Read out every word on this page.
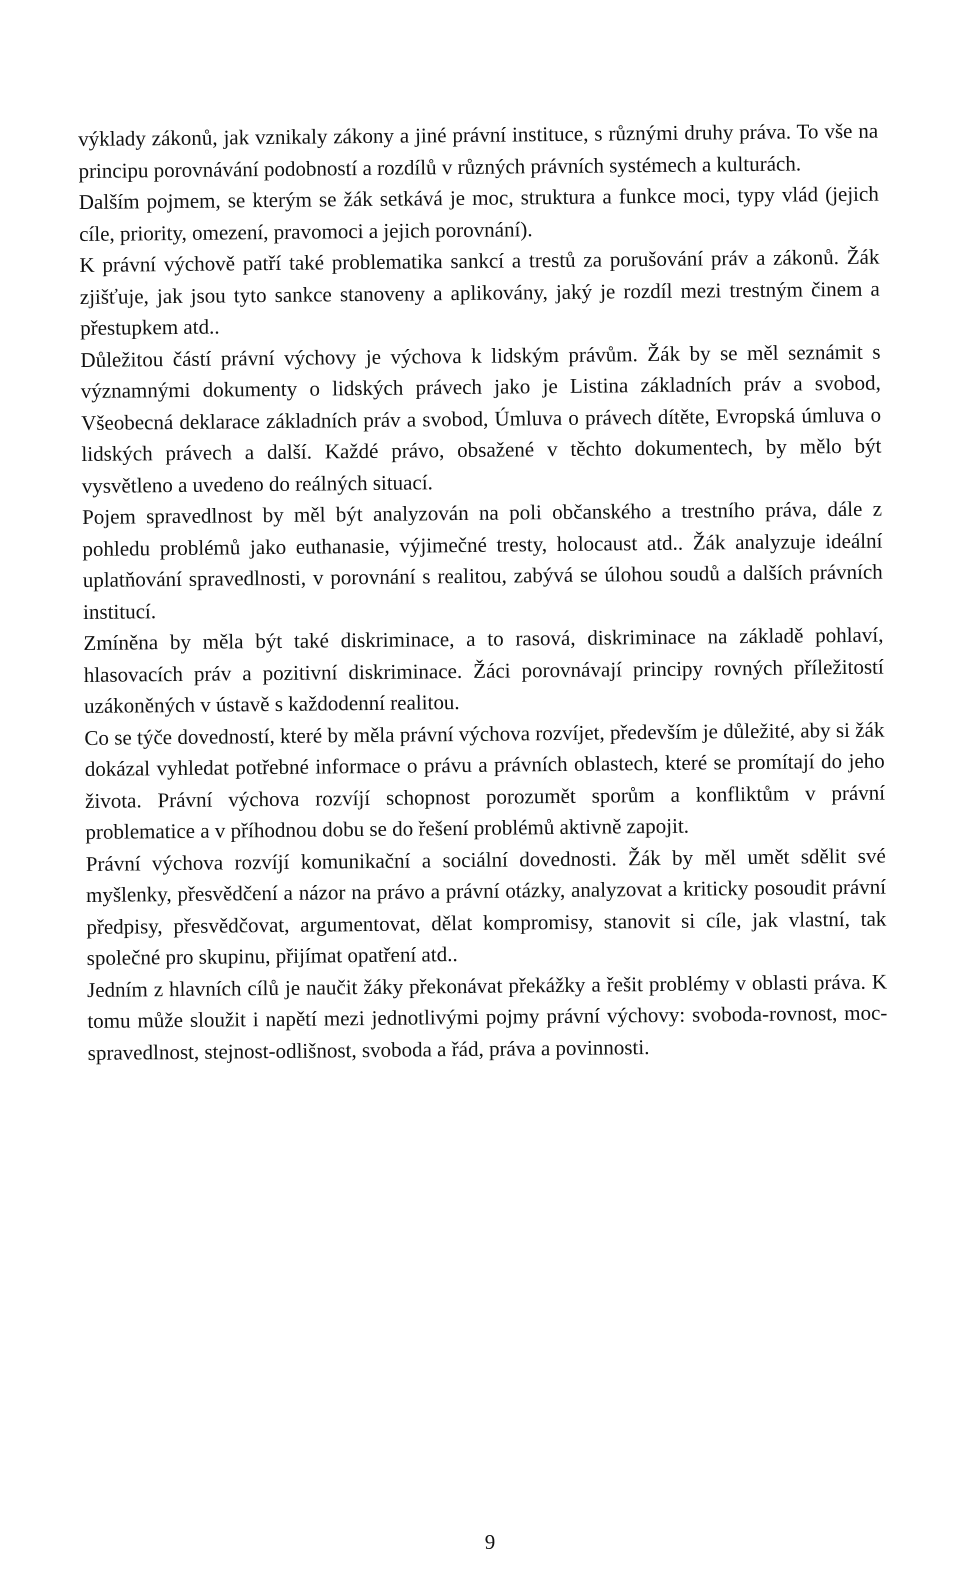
výklady zákonů, jak vznikaly zákony a jiné právní instituce, s různými druhy práva. To vše na principu porovnávání podobností a rozdílů v různých právních systémech a kulturách.

Dalším pojmem, se kterým se žák setkává je moc, struktura a funkce moci, typy vlád (jejich cíle, priority, omezení, pravomoci a jejich porovnání).

K právní výchově patří také problematika sankcí a trestů za porušování práv a zákonů. Žák zjišťuje, jak jsou tyto sankce stanoveny a aplikovány, jaký je rozdíl mezi trestným činem a přestupkem atd..

Důležitou částí právní výchovy je výchova k lidským právům. Žák by se měl seznámit s významnými dokumenty o lidských právech jako je Listina základních práv a svobod, Všeobecná deklarace základních práv a svobod, Úmluva o právech dítěte, Evropská úmluva o lidských právech a další. Každé právo, obsažené v těchto dokumentech, by mělo být vysvětleno a uvedeno do reálných situací.

Pojem spravedlnost by měl být analyzován na poli občanského a trestního práva, dále z pohledu problémů jako euthanasie, výjimečné tresty, holocaust atd.. Žák analyzuje ideální uplatňování spravedlnosti, v porovnání s realitou, zabývá se úlohou soudů a dalších právních institucí.

Zmíněna by měla být také diskriminace, a to rasová, diskriminace na základě pohlaví, hlasovacích práv a pozitivní diskriminace. Žáci porovnávají principy rovných příležitostí uzákoněných v ústavě s každodenní realitou.

Co se týče dovedností, které by měla právní výchova rozvíjet, především je důležité, aby si žák dokázal vyhledat potřebné informace o právu a právních oblastech, které se promítají do jeho života. Právní výchova rozvíjí schopnost porozumět sporům a konfliktům v právní problematice a v příhodnou dobu se do řešení problémů aktivně zapojit.

Právní výchova rozvíjí komunikační a sociální dovednosti. Žák by měl umět sdělit své myšlenky, přesvědčení a názor na právo a právní otázky, analyzovat a kriticky posoudit právní předpisy, přesvědčovat, argumentovat, dělat kompromisy, stanovit si cíle, jak vlastní, tak společné pro skupinu, přijímat opatření atd..

Jedním z hlavních cílů je naučit žáky překonávat překážky a řešit problémy v oblasti práva. K tomu může sloužit i napětí mezi jednotlivými pojmy právní výchovy: svoboda-rovnost, moc-spravedlnost, stejnost-odlišnost, svoboda a řád, práva a povinnosti.

9
